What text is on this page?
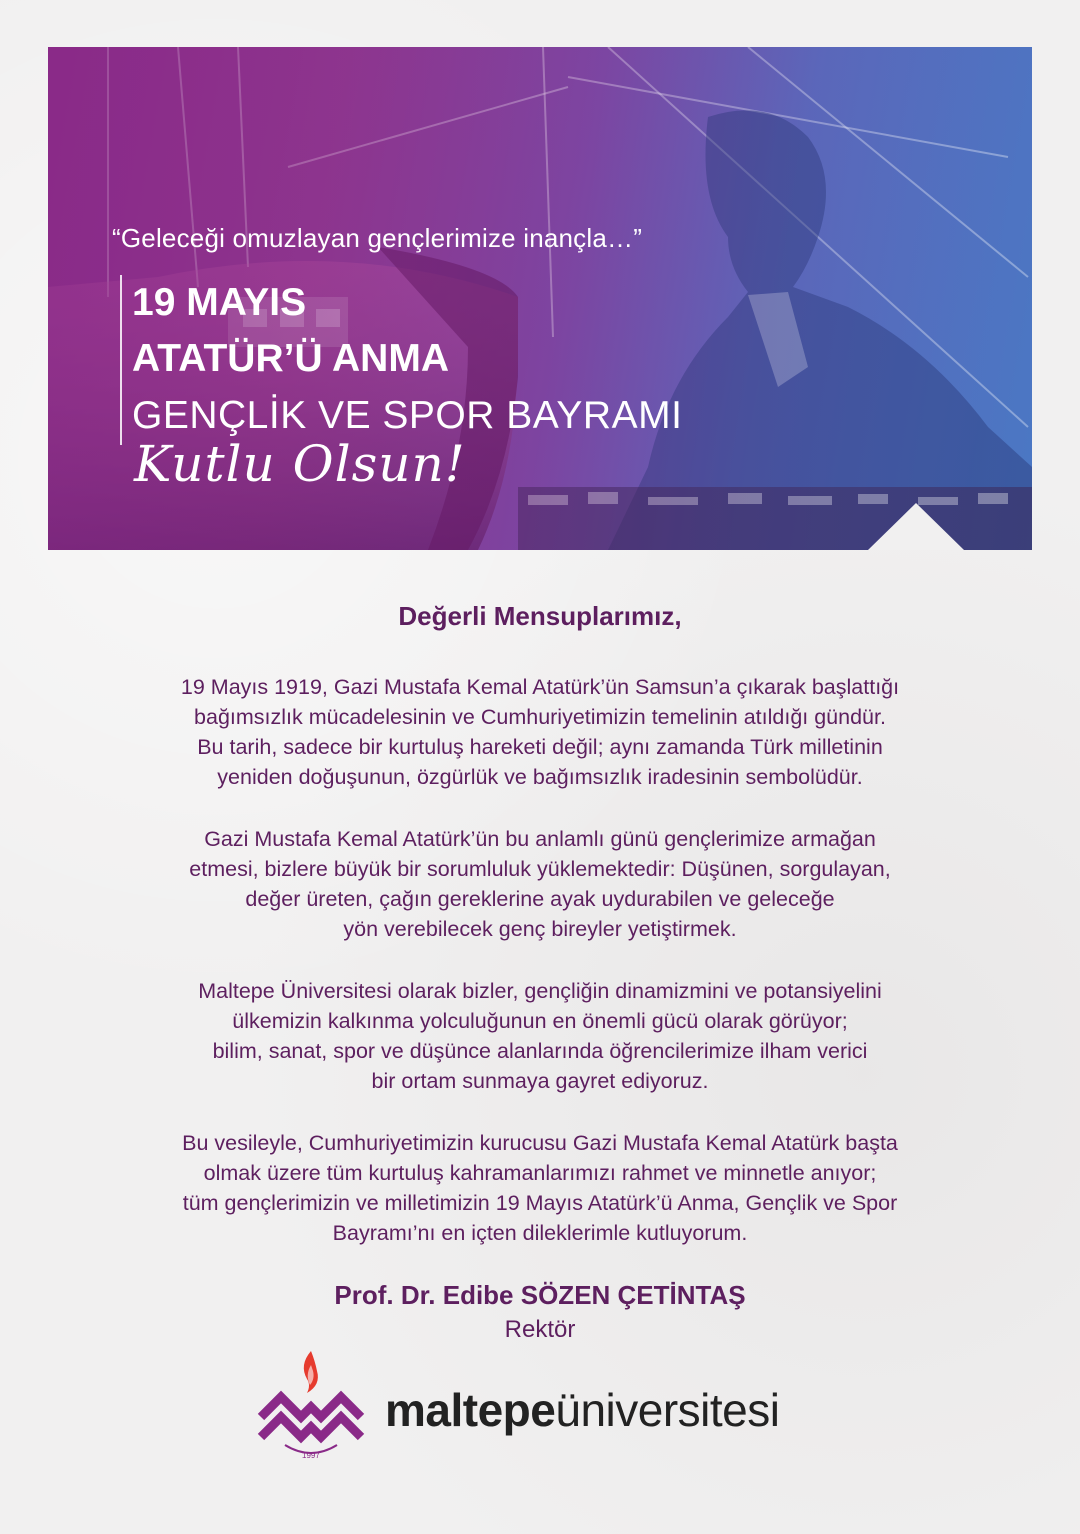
“Geleceği omuzlayan gençlerimize inançla…”

19 MAYIS

ATATÜR’Ü ANMA

GENÇLİK VE SPOR BAYRAMI

Kutlu Olsun!

Değerli Mensuplarımız,

19 Mayıs 1919, Gazi Mustafa Kemal Atatürk’ün Samsun’a çıkarak başlattığı
bağımsızlık mücadelesinin ve Cumhuriyetimizin temelinin atıldığı gündür.
Bu tarih, sadece bir kurtuluş hareketi değil; aynı zamanda Türk milletinin
yeniden doğuşunun, özgürlük ve bağımsızlık iradesinin sembolüdür.

Gazi Mustafa Kemal Atatürk’ün bu anlamlı günü gençlerimize armağan
etmesi, bizlere büyük bir sorumluluk yüklemektedir: Düşünen, sorgulayan,
değer üreten, çağın gereklerine ayak uydurabilen ve geleceğe
yön verebilecek genç bireyler yetiştirmek.

Maltepe Üniversitesi olarak bizler, gençliğin dinamizmini ve potansiyelini
ülkemizin kalkınma yolculuğunun en önemli gücü olarak görüyor;
bilim, sanat, spor ve düşünce alanlarında öğrencilerimize ilham verici
bir ortam sunmaya gayret ediyoruz.

Bu vesileyle, Cumhuriyetimizin kurucusu Gazi Mustafa Kemal Atatürk başta
olmak üzere tüm kurtuluş kahramanlarımızı rahmet ve minnetle anıyor;
tüm gençlerimizin ve milletimizin 19 Mayıs Atatürk’ü Anma, Gençlik ve Spor
Bayramı’nı en içten dileklerimle kutluyorum.

Prof. Dr. Edibe SÖZEN ÇETİNTAŞ

Rektör

1997
maltepeüniversitesi
